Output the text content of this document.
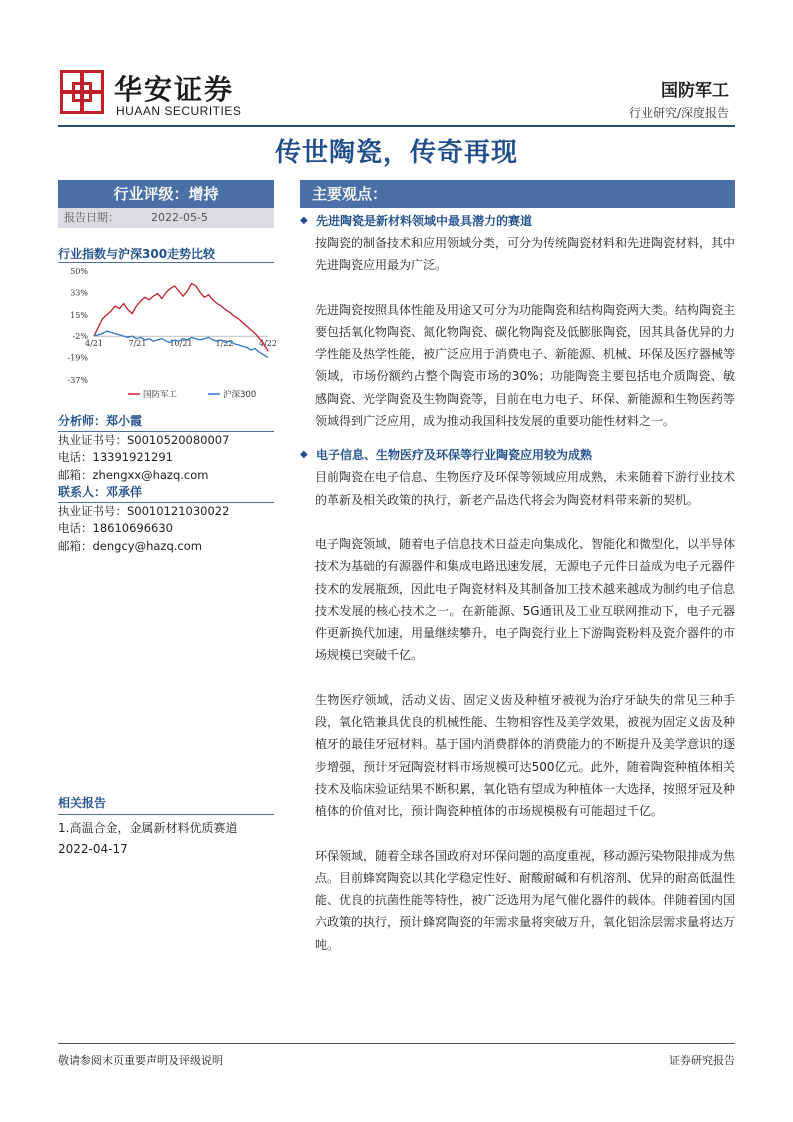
华安证券
HUAAN SECURITIES
国防军工
行业研究/深度报告
传世陶瓷，传奇再现
行业评级：增持
报告日期：	2022-05-5
行业指数与沪深300走势比较
50%
33%
15%
-2%
-19%
-37%
4/21	7/21	10/21	1/22	4/22
国防军工	沪深300
分析师：郑小霞
执业证书号：S0010520080007
电话：13391921291
邮箱：zhengxx@hazq.com
联系人：邓承佯
执业证书号：S0010121030022
电话：18610696630
邮箱：dengcy@hazq.com
相关报告
1.高温合金，金属新材料优质赛道
2022-04-17
主要观点：
◆ 先进陶瓷是新材料领域中最具潜力的赛道
按陶瓷的制备技术和应用领域分类，可分为传统陶瓷材料和先进陶瓷材料，其中先进陶瓷应用最为广泛。
先进陶瓷按照具体性能及用途又可分为功能陶瓷和结构陶瓷两大类。结构陶瓷主要包括氧化物陶瓷、氮化物陶瓷、碳化物陶瓷及低膨胀陶瓷，因其具备优异的力学性能及热学性能，被广泛应用于消费电子、新能源、机械、环保及医疗器械等领域，市场份额约占整个陶瓷市场的30%；功能陶瓷主要包括电介质陶瓷、敏感陶瓷、光学陶瓷及生物陶瓷等，目前在电力电子、环保、新能源和生物医药等领域得到广泛应用，成为推动我国科技发展的重要功能性材料之一。
◆ 电子信息、生物医疗及环保等行业陶瓷应用较为成熟
目前陶瓷在电子信息、生物医疗及环保等领域应用成熟，未来随着下游行业技术的革新及相关政策的执行，新老产品迭代将会为陶瓷材料带来新的契机。
电子陶瓷领域，随着电子信息技术日益走向集成化、智能化和微型化，以半导体技术为基础的有源器件和集成电路迅速发展，无源电子元件日益成为电子元器件技术的发展瓶颈，因此电子陶瓷材料及其制备加工技术越来越成为制约电子信息技术发展的核心技术之一。在新能源、5G通讯及工业互联网推动下，电子元器件更新换代加速，用量继续攀升，电子陶瓷行业上下游陶瓷粉料及瓷介器件的市场规模已突破千亿。
生物医疗领域，活动义齿、固定义齿及种植牙被视为治疗牙缺失的常见三种手段，氧化锆兼具优良的机械性能、生物相容性及美学效果，被视为固定义齿及种植牙的最佳牙冠材料。基于国内消费群体的消费能力的不断提升及美学意识的逐步增强，预计牙冠陶瓷材料市场规模可达500亿元。此外，随着陶瓷种植体相关技术及临床验证结果不断积累，氧化锆有望成为种植体一大选择，按照牙冠及种植体的价值对比，预计陶瓷种植体的市场规模极有可能超过千亿。
环保领域，随着全球各国政府对环保问题的高度重视，移动源污染物限排成为焦点。目前蜂窝陶瓷以其化学稳定性好、耐酸耐碱和有机溶剂、优异的耐高低温性能、优良的抗菌性能等特性，被广泛选用为尾气催化器件的载体。伴随着国内国六政策的执行，预计蜂窝陶瓷的年需求量将突破万升，氧化铝涂层需求量将达万吨。
敬请参阅末页重要声明及评级说明	证券研究报告
